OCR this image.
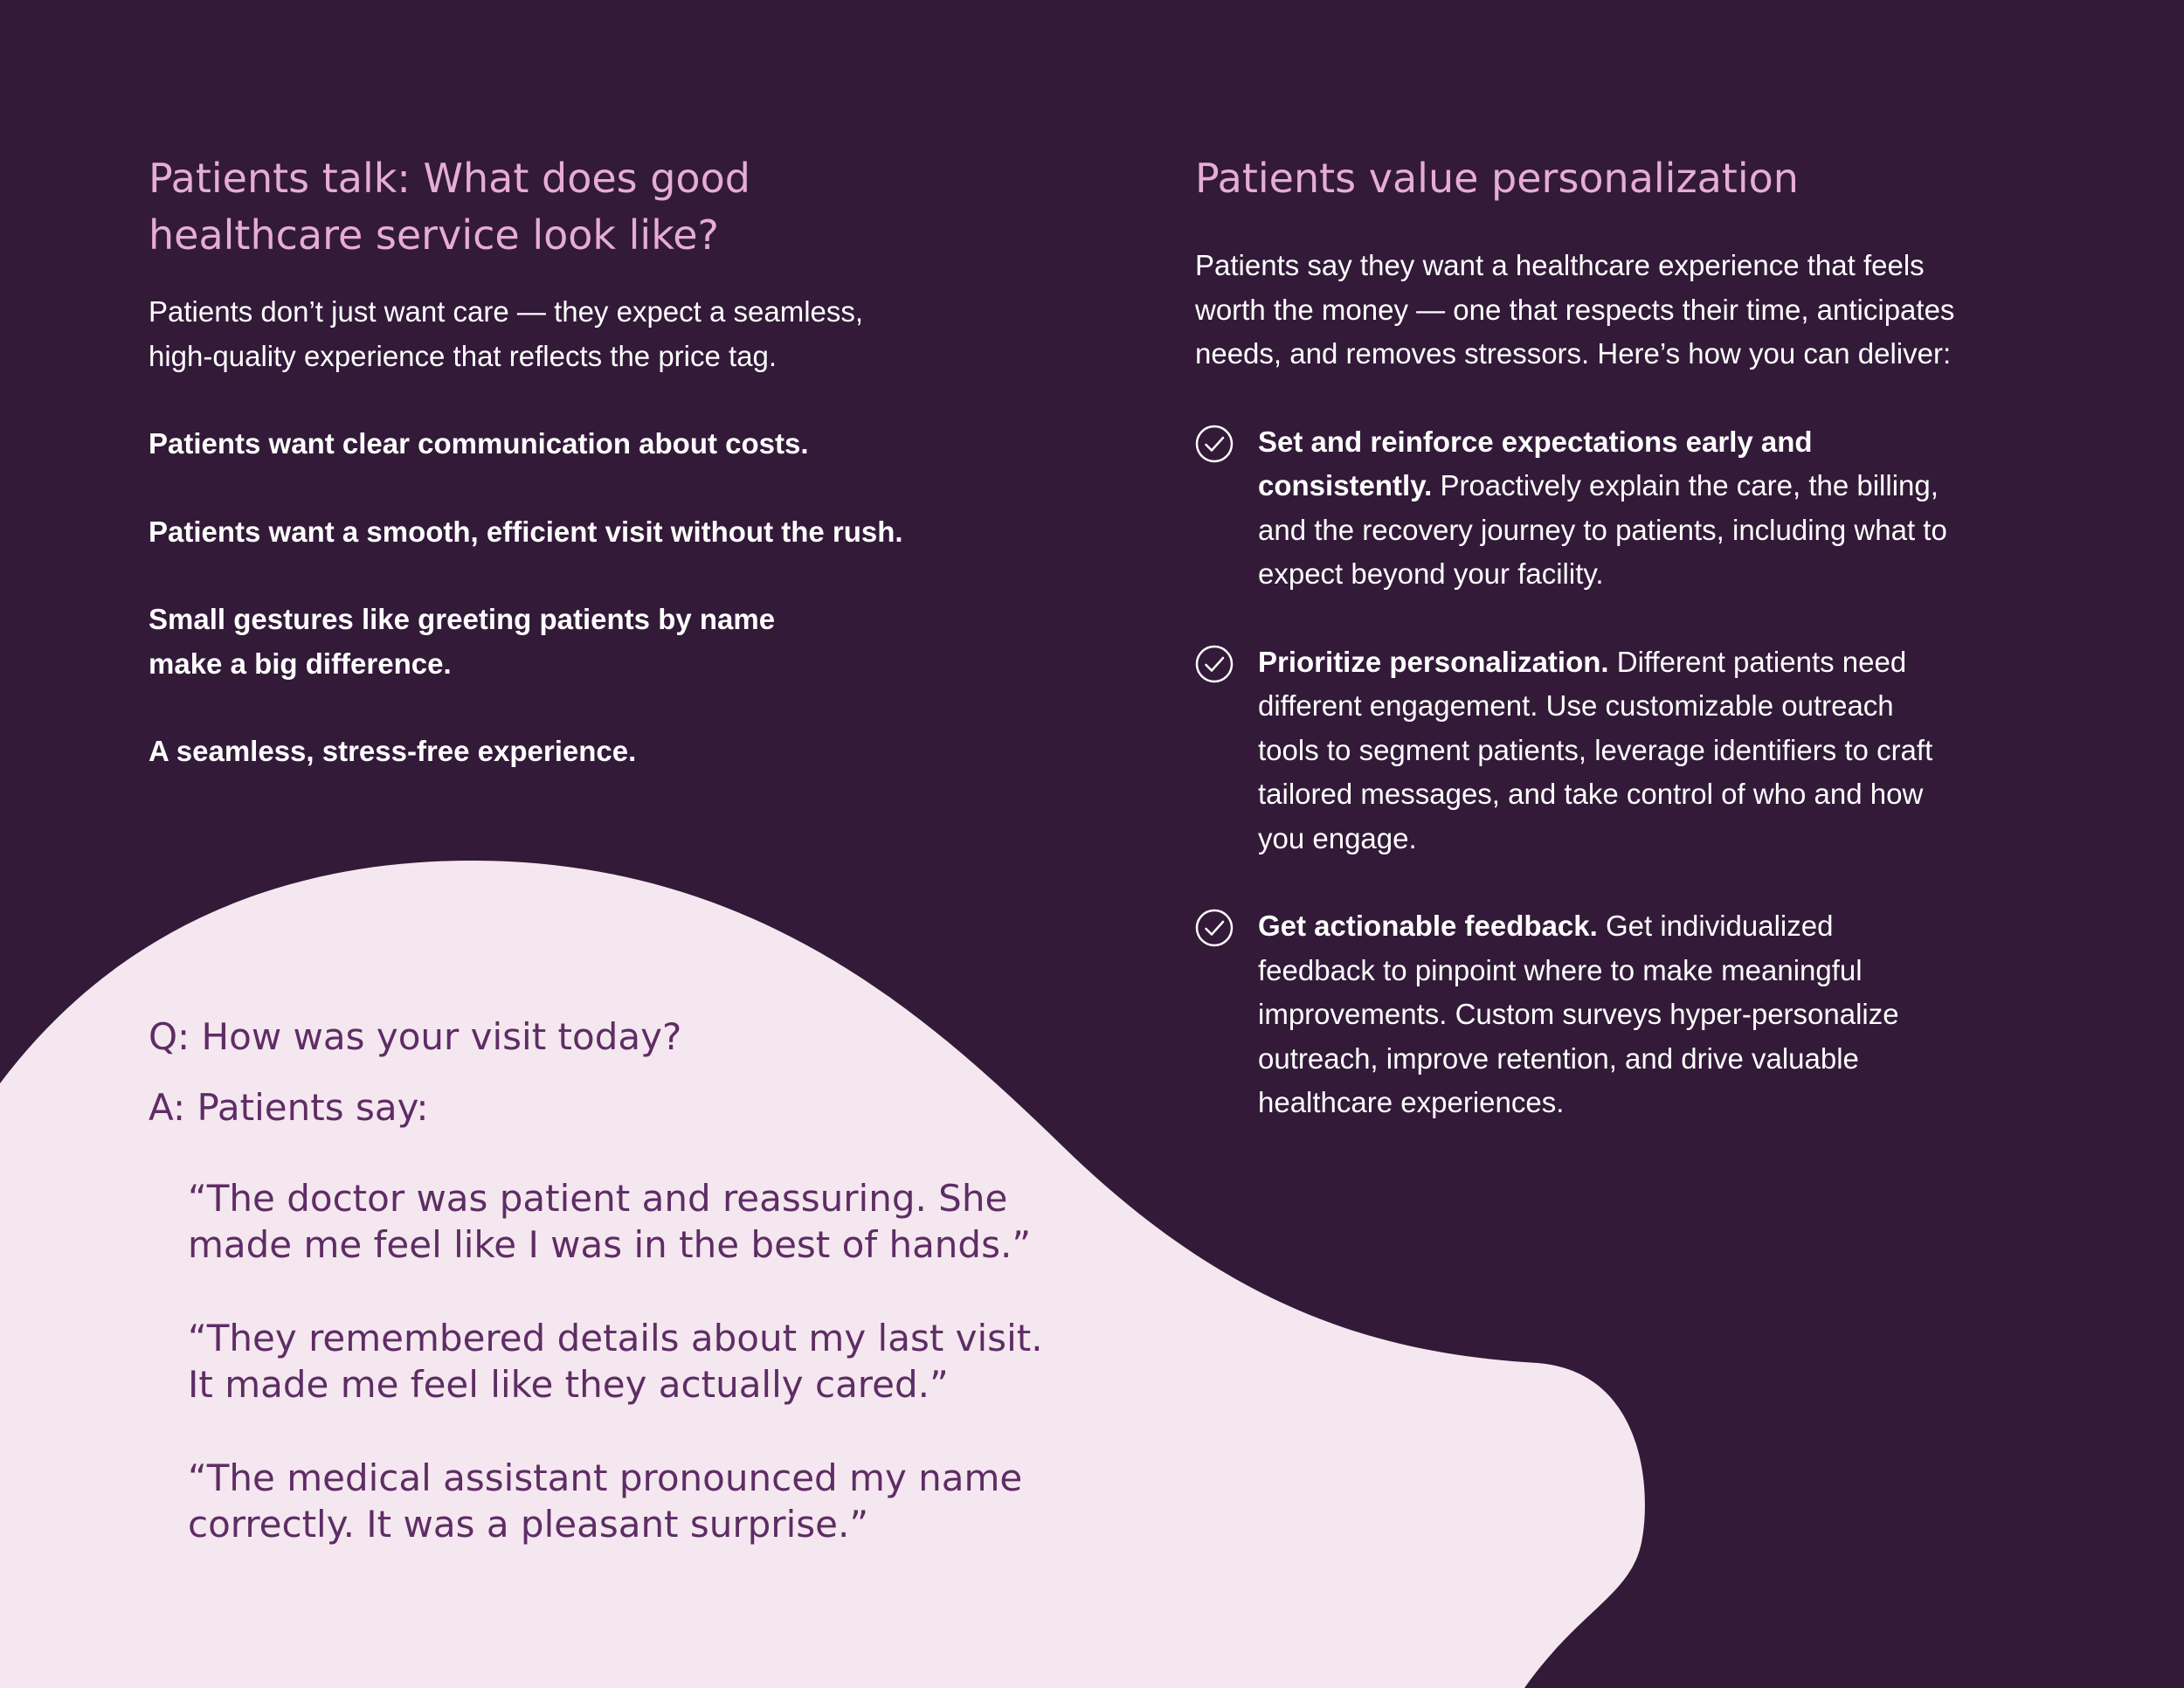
Patients talk: What does good healthcare service look like?
Patients don’t just want care — they expect a seamless, high-quality experience that reflects the price tag.
Patients want clear communication about costs.
Patients want a smooth, efficient visit without the rush.
Small gestures like greeting patients by name make a big difference.
A seamless, stress-free experience.
Q: How was your visit today?
A: Patients say:
“The doctor was patient and reassuring. She
made me feel like I was in the best of hands.”
“They remembered details about my last visit.
It made me feel like they actually cared.”
“The medical assistant pronounced my name
correctly. It was a pleasant surprise.”
Patients value personalization
Patients say they want a healthcare experience that feels worth the money — one that respects their time, anticipates needs, and removes stressors. Here’s how you can deliver:
Set and reinforce expectations early and consistently. Proactively explain the care, the billing, and the recovery journey to patients, including what to expect beyond your facility.
Prioritize personalization. Different patients need different engagement. Use customizable outreach tools to segment patients, leverage identifiers to craft tailored messages, and take control of who and how you engage.
Get actionable feedback. Get individualized feedback to pinpoint where to make meaningful improvements. Custom surveys hyper-personalize outreach, improve retention, and drive valuable healthcare experiences.
